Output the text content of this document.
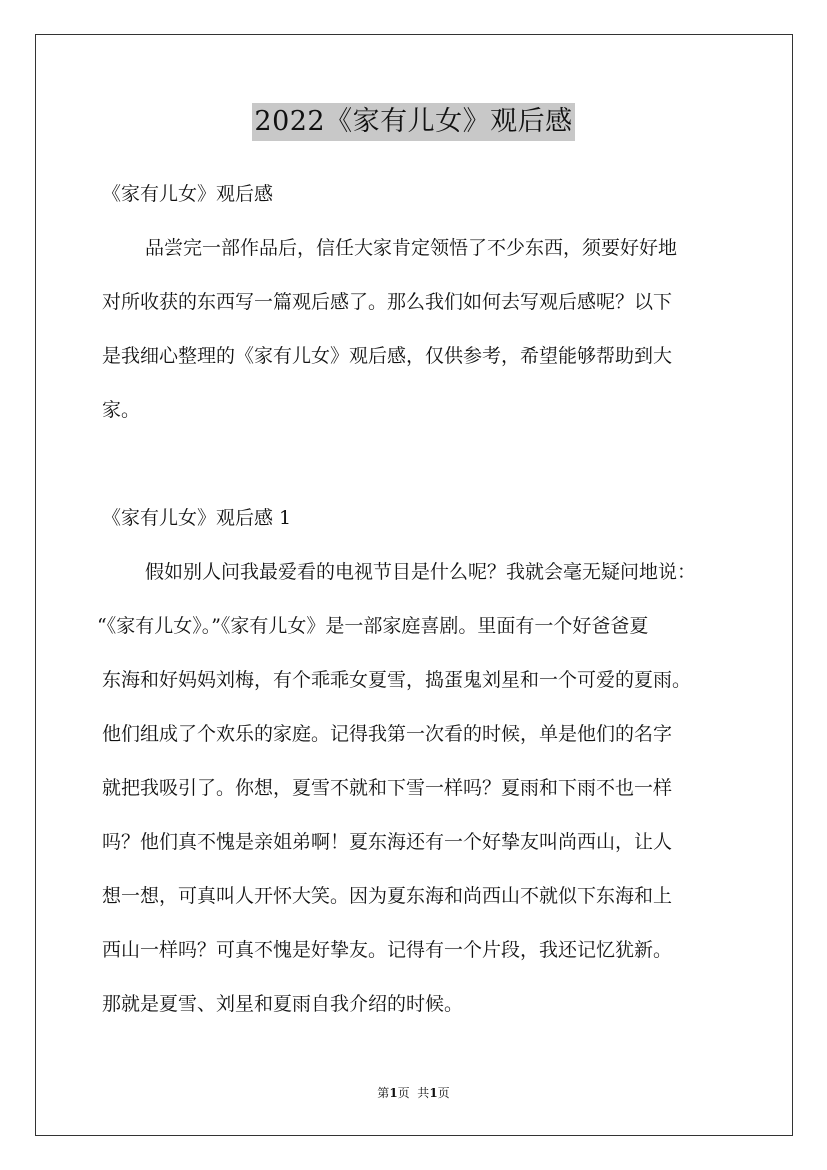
2022《家有儿女》观后感
《家有儿女》观后感
品尝完一部作品后，信任大家肯定领悟了不少东西，须要好好地
对所收获的东西写一篇观后感了。那么我们如何去写观后感呢？以下
是我细心整理的《家有儿女》观后感，仅供参考，希望能够帮助到大
家。
《家有儿女》观后感 1
假如别人问我最爱看的电视节目是什么呢？我就会毫无疑问地说：
“《家有儿女》。”《家有儿女》是一部家庭喜剧。里面有一个好爸爸夏
东海和好妈妈刘梅，有个乖乖女夏雪，捣蛋鬼刘星和一个可爱的夏雨。
他们组成了个欢乐的家庭。记得我第一次看的时候，单是他们的名字
就把我吸引了。你想，夏雪不就和下雪一样吗？夏雨和下雨不也一样
吗？他们真不愧是亲姐弟啊！夏东海还有一个好挚友叫尚西山，让人
想一想，可真叫人开怀大笑。因为夏东海和尚西山不就似下东海和上
西山一样吗？可真不愧是好挚友。记得有一个片段，我还记忆犹新。
那就是夏雪、刘星和夏雨自我介绍的时候。
第1页  共1页
